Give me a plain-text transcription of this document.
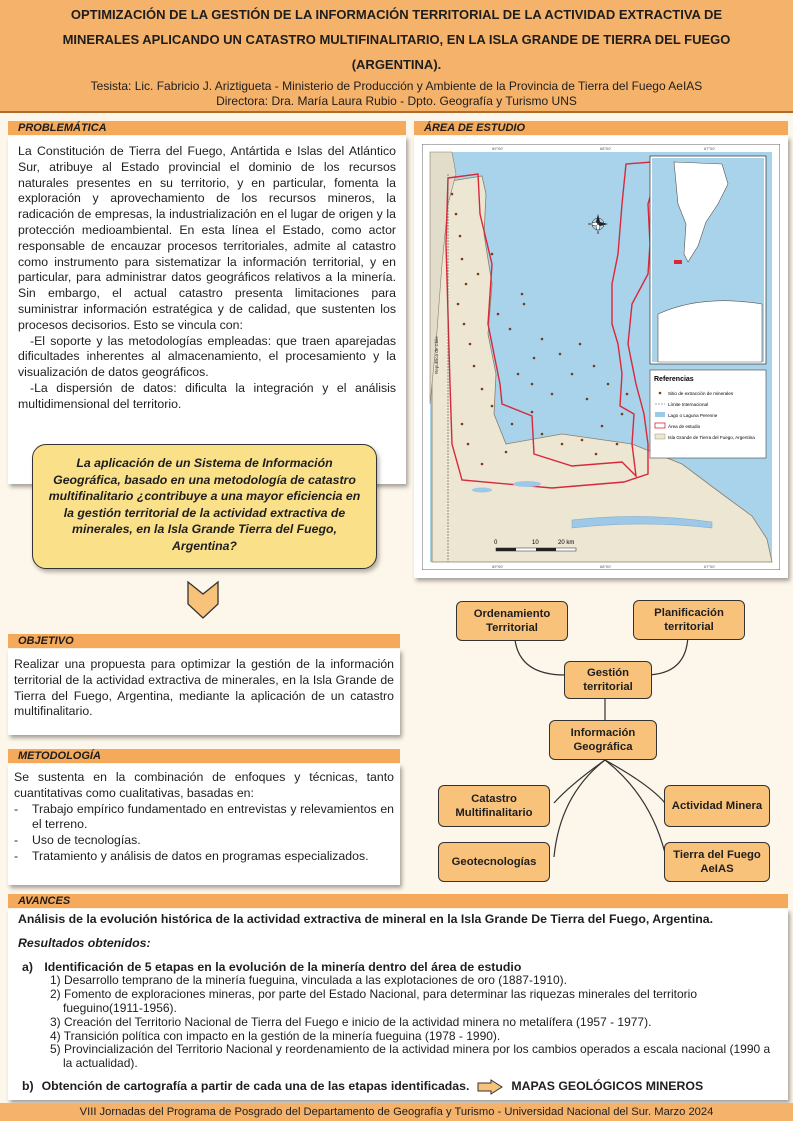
OPTIMIZACIÓN DE LA GESTIÓN DE LA INFORMACIÓN TERRITORIAL DE LA ACTIVIDAD EXTRACTIVA DE
MINERALES APLICANDO UN CATASTRO MULTIFINALITARIO, EN LA ISLA GRANDE DE TIERRA DEL FUEGO
(ARGENTINA).

Tesista: Lic. Fabricio J. Ariztigueta - Ministerio de Producción y Ambiente de la Provincia de Tierra del Fuego AeIAS
Directora: Dra. María Laura Rubio - Dpto. Geografía y Turismo UNS

PROBLEMÁTICA

La Constitución de Tierra del Fuego, Antártida e Islas del Atlántico Sur, atribuye al Estado provincial el dominio de los recursos naturales presentes en su territorio, y en particular, fomenta la exploración y aprovechamiento de los recursos mineros, la radicación de empresas, la industrialización en el lugar de origen y la protección medioambiental. En esta línea el Estado, como actor responsable de encauzar procesos territoriales, admite al catastro como instrumento para sistematizar la información territorial, y en particular, para administrar datos geográficos relativos a la minería. Sin embargo, el actual catastro presenta limitaciones para suministrar información estratégica y de calidad, que sustenten los procesos decisorios. Esto se vincula con:

-El soporte y las metodologías empleadas: que traen aparejadas dificultades inherentes al almacenamiento, el procesamiento y la visualización de datos geográficos.

-La dispersión de datos: dificulta la integración y el análisis multidimensional del territorio.

La aplicación de un Sistema de Información Geográfica, basado en una metodología de catastro multifinalitario ¿contribuye a una mayor eficiencia en la gestión territorial de la actividad extractiva de minerales, en la Isla Grande Tierra del Fuego, Argentina?
OBJETIVO
Realizar una propuesta para optimizar la gestión de la información territorial de la actividad extractiva de minerales, en la Isla Grande de Tierra del Fuego, Argentina, mediante la aplicación de un catastro multifinalitario.
METODOLOGÍA

Se sustenta en la combinación de enfoques y técnicas, tanto cuantitativas como cualitativas, basadas en:

- Trabajo empírico fundamentado en entrevistas y relevamientos en el terreno.
- Uso de tecnologías.
- Tratamiento y análisis de datos en programas especializados.
ÁREA DE ESTUDIO
69°00'	68°00'	67°00'
69°00'	68°00'	67°00'
Republica de Chile
Referencias
Sitio de extracción de minerales
Límite Internacional
Lago o Laguna Perenne
Área de estudio
Isla Grande de Tierra del Fuego, Argentina
0	10	20 km
Ordenamiento Territorial
Planificación territorial
Gestión territorial
Información Geográfica
Catastro Multifinalitario
Actividad Minera
Geotecnologías
Tierra del Fuego AeIAS
AVANCES
Análisis de la evolución histórica de la actividad extractiva de mineral en la Isla Grande De Tierra del Fuego, Argentina.
Resultados obtenidos:
a) Identificación de 5 etapas en la evolución de la minería dentro del área de estudio
1) Desarrollo temprano de la minería fueguina, vinculada a las explotaciones de oro (1887-1910).
2) Fomento de exploraciones mineras, por parte del Estado Nacional, para determinar las riquezas minerales del territorio fueguino(1911-1956).
3) Creación del Territorio Nacional de Tierra del Fuego e inicio de la actividad minera no metalífera (1957 - 1977).
4) Transición política con impacto en la gestión de la minería fueguina (1978 - 1990).
5) Provincialización del Territorio Nacional y reordenamiento de la actividad minera por los cambios operados a escala nacional (1990 a la actualidad).
b) Obtención de cartografía a partir de cada una de las etapas identificadas.	MAPAS GEOLÓGICOS MINEROS
VIII Jornadas del Programa de Posgrado del Departamento de Geografía y Turismo - Universidad Nacional del Sur. Marzo 2024
